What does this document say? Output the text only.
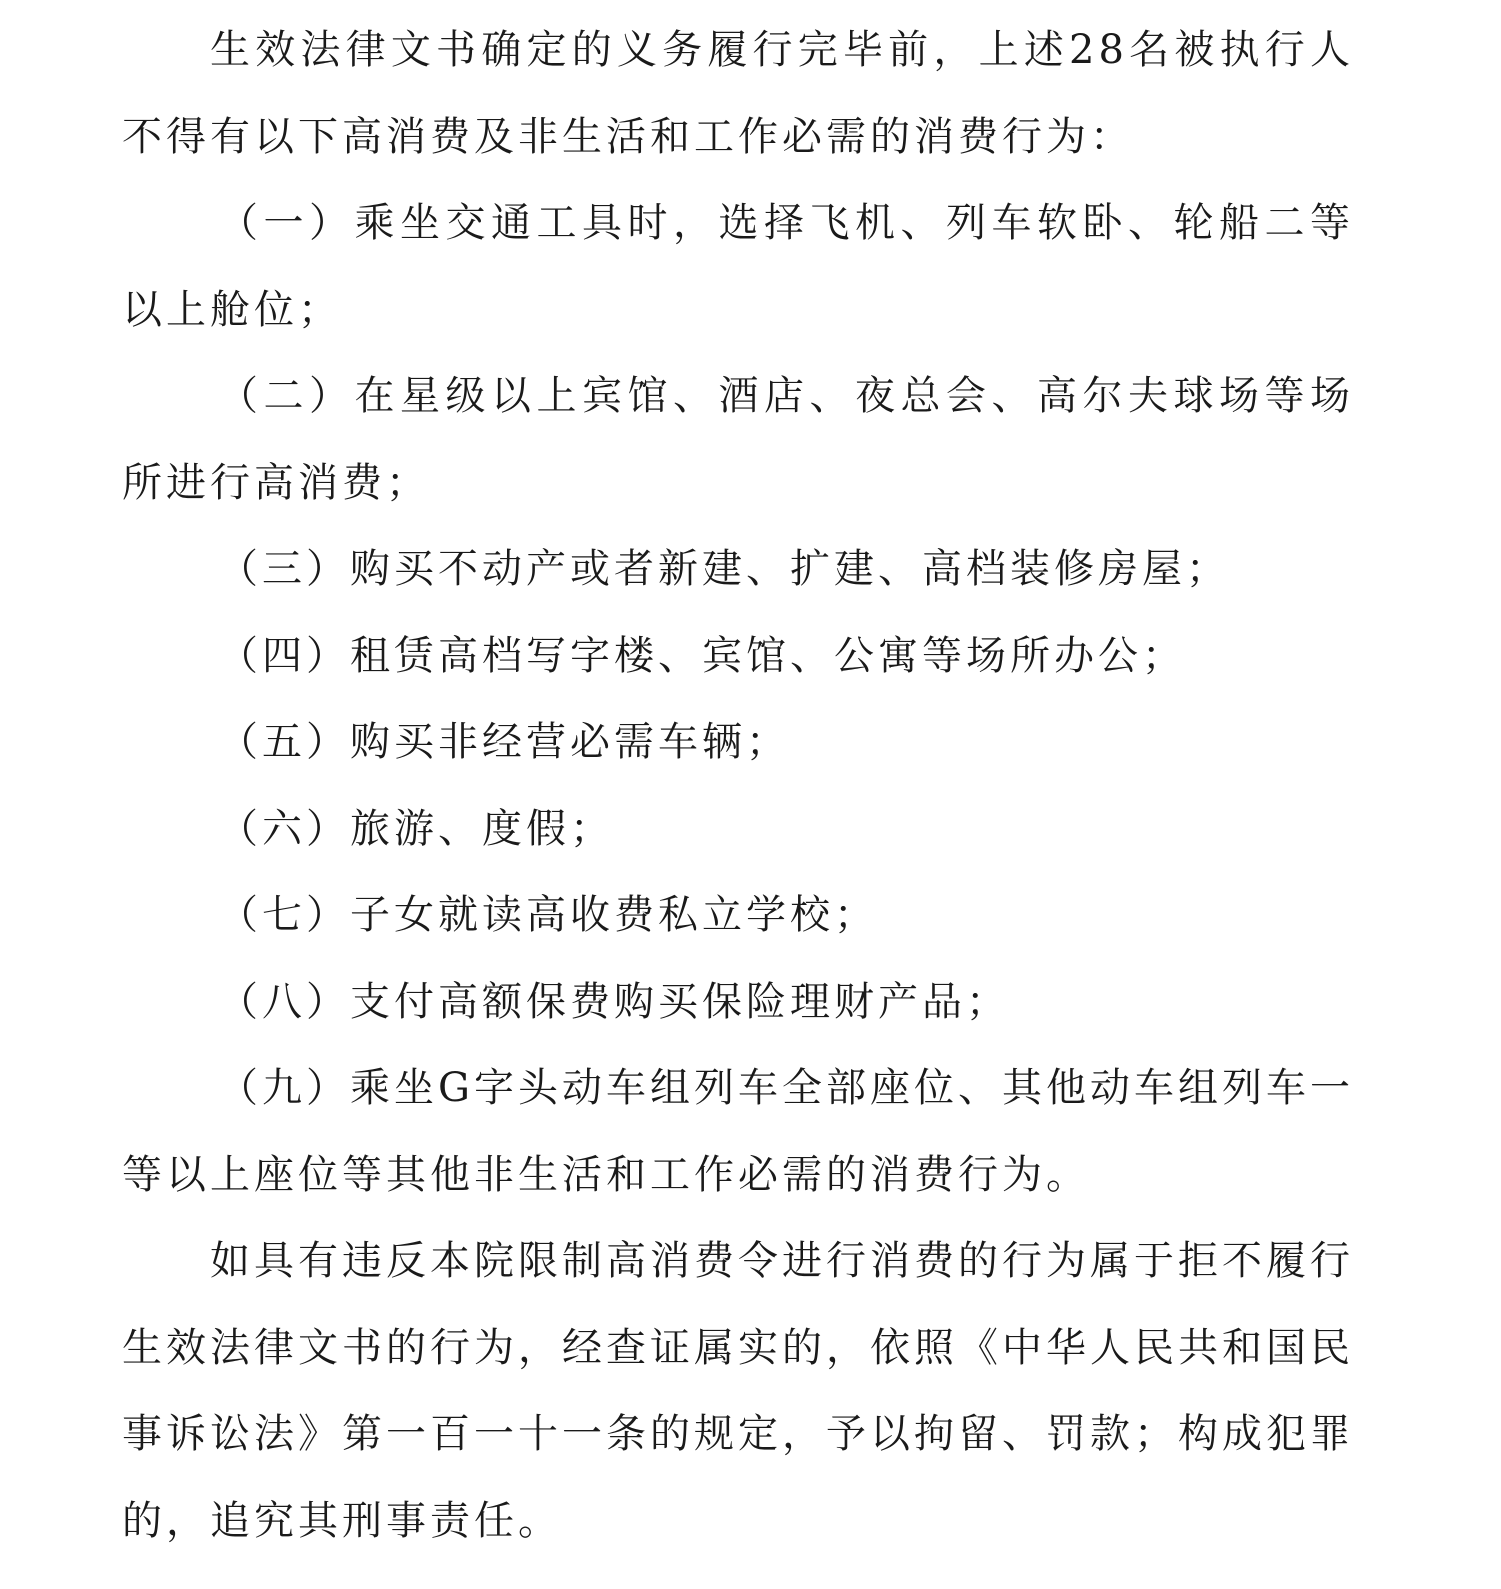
生效法律文书确定的义务履行完毕前，上述28名被执行人不得有以下高消费及非生活和工作必需的消费行为：

（一）乘坐交通工具时，选择飞机、列车软卧、轮船二等以上舱位；

（二）在星级以上宾馆、酒店、夜总会、高尔夫球场等场所进行高消费；

（三）购买不动产或者新建、扩建、高档装修房屋；

（四）租赁高档写字楼、宾馆、公寓等场所办公；

（五）购买非经营必需车辆；

（六）旅游、度假；

（七）子女就读高收费私立学校；

（八）支付高额保费购买保险理财产品；

（九）乘坐G字头动车组列车全部座位、其他动车组列车一等以上座位等其他非生活和工作必需的消费行为。

如具有违反本院限制高消费令进行消费的行为属于拒不履行生效法律文书的行为，经查证属实的，依照《中华人民共和国民事诉讼法》第一百一十一条的规定，予以拘留、罚款；构成犯罪的，追究其刑事责任。
